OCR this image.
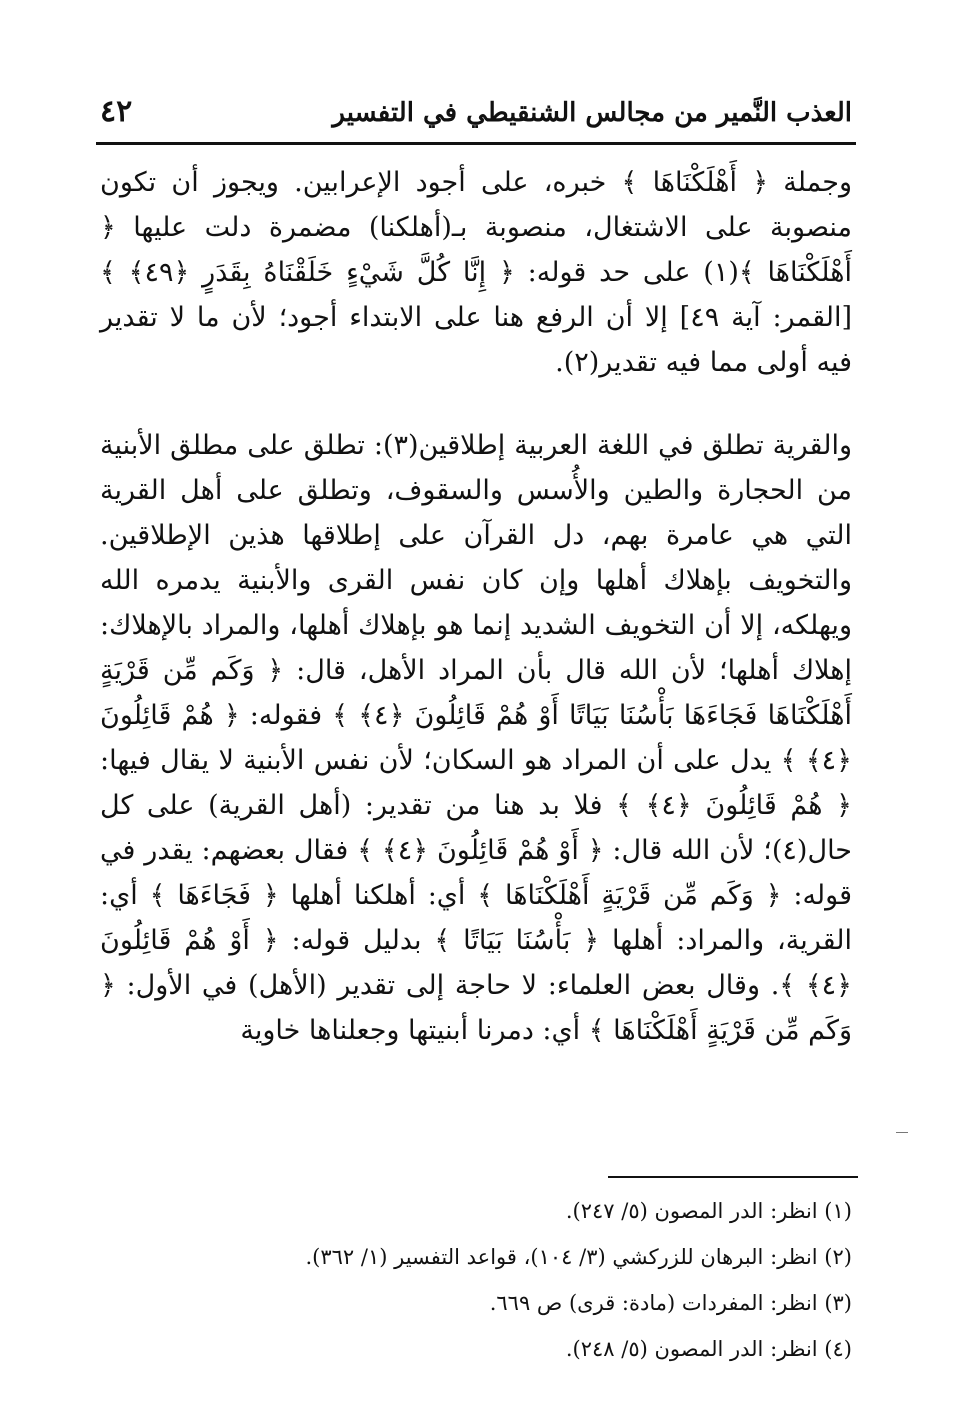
العذب النَّمير من مجالس الشنقيطي في التفسير
٤٢

وجملة ﴿ أَهْلَكْنَاهَا ﴾ خبره، على أجود الإعرابين. ويجوز أن تكون منصوبة على الاشتغال، منصوبة بـ(أهلكنا) مضمرة دلت عليها ﴿ أَهْلَكْنَاهَا ﴾(١) على حد قوله: ﴿ إِنَّا كُلَّ شَيْءٍ خَلَقْنَاهُ بِقَدَرٍ ﴿٤٩﴾ ﴾ [القمر: آية ٤٩] إلا أن الرفع هنا على الابتداء أجود؛ لأن ما لا تقدير فيه أولى مما فيه تقدير(٢).

والقرية تطلق في اللغة العربية إطلاقين(٣): تطلق على مطلق الأبنية من الحجارة والطين والأُسس والسقوف، وتطلق على أهل القرية التي هي عامرة بهم، دل القرآن على إطلاقها هذين الإطلاقين. والتخويف بإهلاك أهلها وإن كان نفس القرى والأبنية يدمره الله ويهلكه، إلا أن التخويف الشديد إنما هو بإهلاك أهلها، والمراد بالإهلاك: إهلاك أهلها؛ لأن الله قال بأن المراد الأهل، قال: ﴿ وَكَم مِّن قَرْيَةٍ أَهْلَكْنَاهَا فَجَاءَهَا بَأْسُنَا بَيَاتًا أَوْ هُمْ قَائِلُونَ ﴿٤﴾ ﴾ فقوله: ﴿ هُمْ قَائِلُونَ ﴿٤﴾ ﴾ يدل على أن المراد هو السكان؛ لأن نفس الأبنية لا يقال فيها: ﴿ هُمْ قَائِلُونَ ﴿٤﴾ ﴾ فلا بد هنا من تقدير: (أهل القرية) على كل حال(٤)؛ لأن الله قال: ﴿ أَوْ هُمْ قَائِلُونَ ﴿٤﴾ ﴾ فقال بعضهم: يقدر في قوله: ﴿ وَكَم مِّن قَرْيَةٍ أَهْلَكْنَاهَا ﴾ أي: أهلكنا أهلها ﴿ فَجَاءَهَا ﴾ أي: القرية، والمراد: أهلها ﴿ بَأْسُنَا بَيَاتًا ﴾ بدليل قوله: ﴿ أَوْ هُمْ قَائِلُونَ ﴿٤﴾ ﴾. وقال بعض العلماء: لا حاجة إلى تقدير (الأهل) في الأول: ﴿ وَكَم مِّن قَرْيَةٍ أَهْلَكْنَاهَا ﴾ أي: دمرنا أبنيتها وجعلناها خاوية

(١) انظر: الدر المصون (٥/ ٢٤٧).
(٢) انظر: البرهان للزركشي (٣/ ١٠٤)، قواعد التفسير (١/ ٣٦٢).
(٣) انظر: المفردات (مادة: قرى) ص ٦٦٩.
(٤) انظر: الدر المصون (٥/ ٢٤٨).
